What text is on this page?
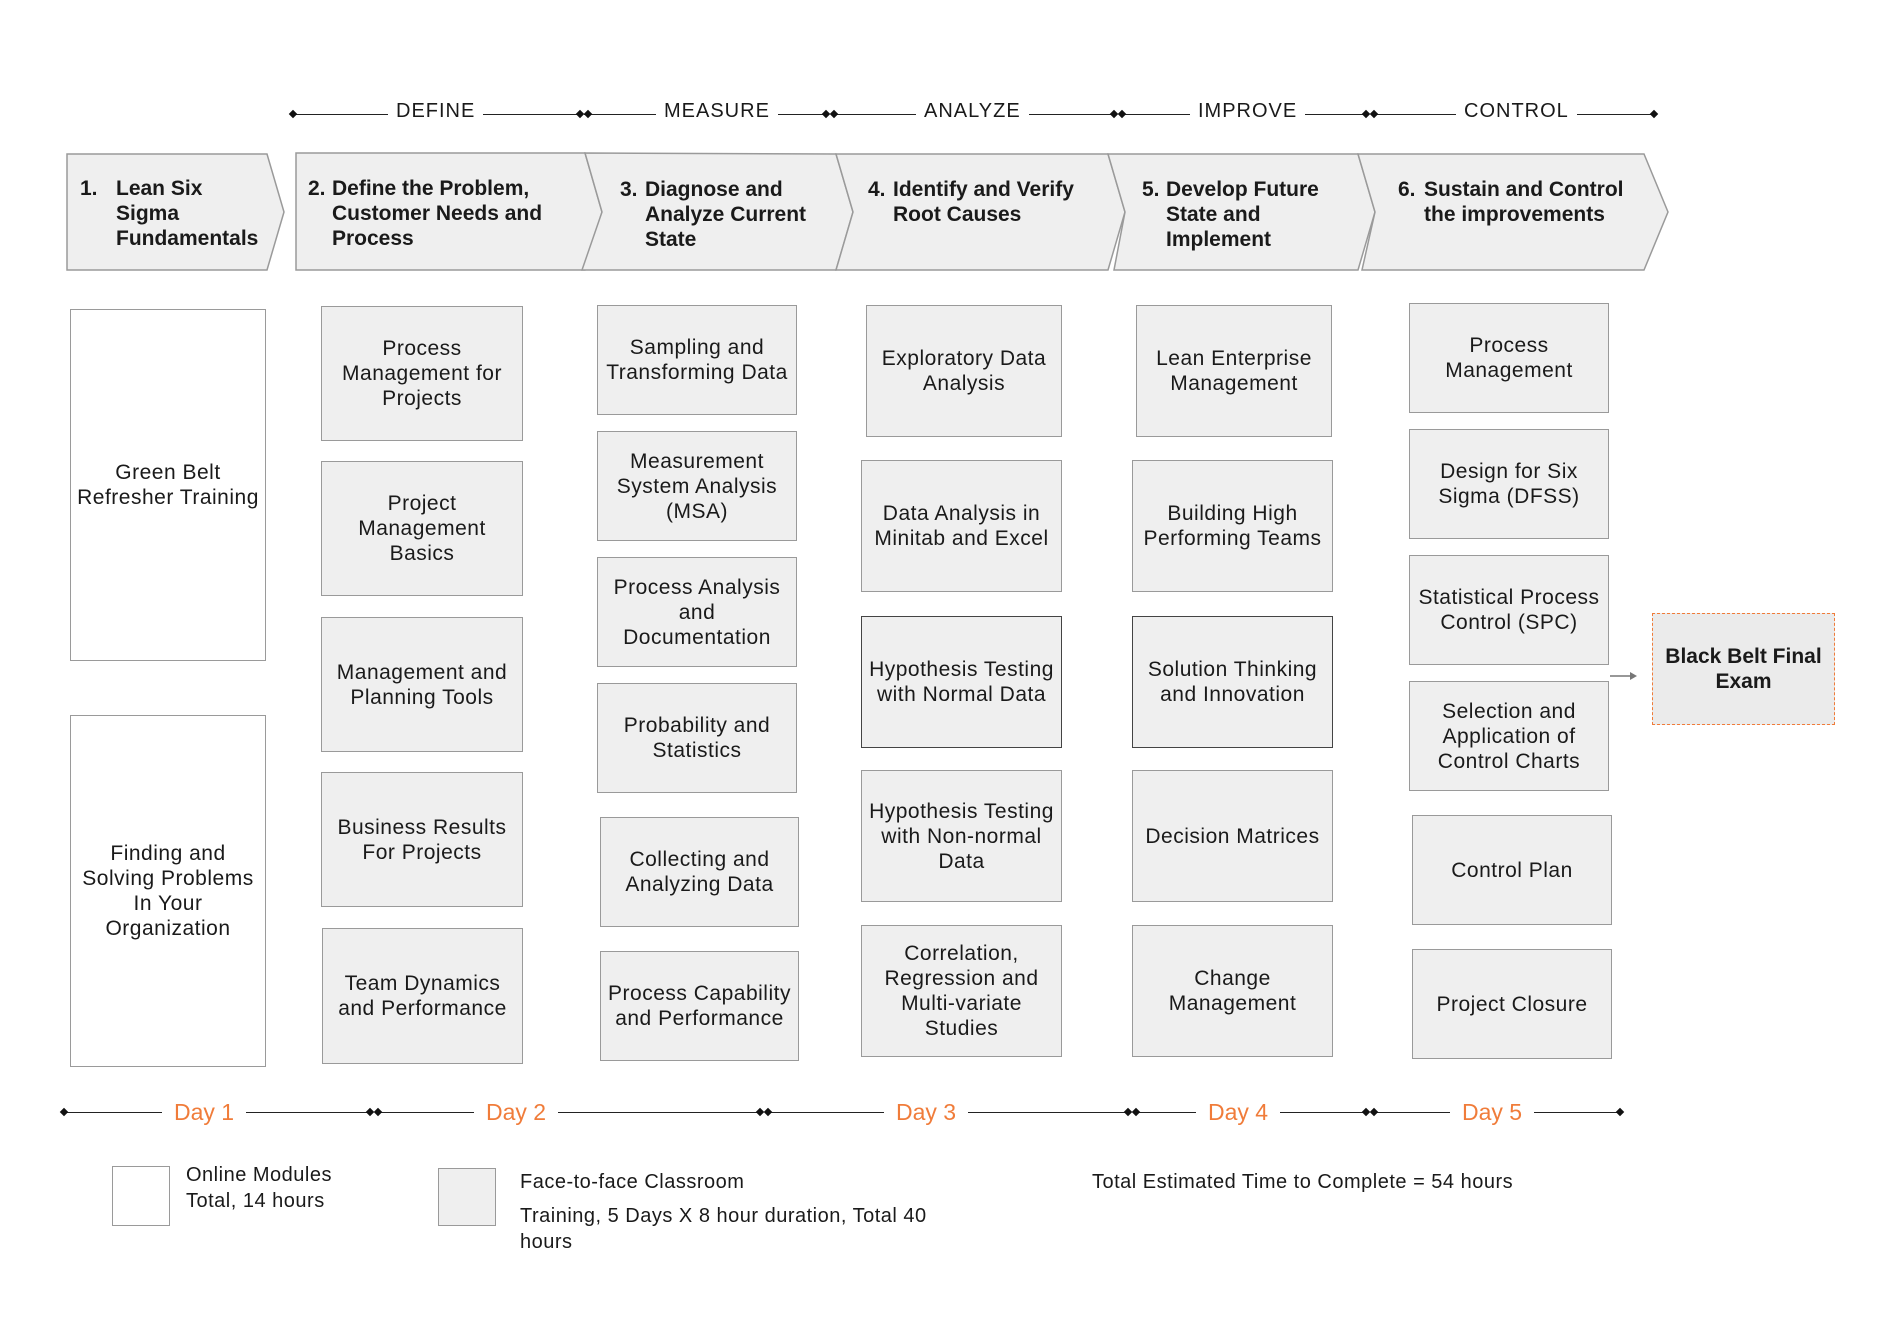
DEFINE	MEASURE	ANALYZE	IMPROVE	CONTROL
1. Lean Six Sigma Fundamentals
2. Define the Problem, Customer Needs and Process
3. Diagnose and Analyze Current State
4. Identify and Verify Root Causes
5. Develop Future State and Implement
6. Sustain and Control the improvements
Green Belt Refresher Training
Finding and Solving Problems In Your Organization
Process Management for Projects
Project Management Basics
Management and Planning Tools
Business Results For Projects
Team Dynamics and Performance
Sampling and Transforming Data
Measurement System Analysis (MSA)
Process Analysis and Documentation
Probability and Statistics
Collecting and Analyzing Data
Process Capability and Performance
Exploratory Data Analysis
Data Analysis in Minitab and Excel
Hypothesis Testing with Normal Data
Hypothesis Testing with Non-normal Data
Correlation, Regression and Multi-variate Studies
Lean Enterprise Management
Building High Performing Teams
Solution Thinking and Innovation
Decision Matrices
Change Management
Process Management
Design for Six Sigma (DFSS)
Statistical Process Control (SPC)
Selection and Application of Control Charts
Control Plan
Project Closure
Black Belt Final Exam
Day 1	Day 2	Day 3	Day 4	Day 5
Online Modules
Total, 14 hours
Face-to-face Classroom
Training, 5 Days X 8 hour duration, Total 40 hours
Total Estimated Time to Complete = 54 hours
